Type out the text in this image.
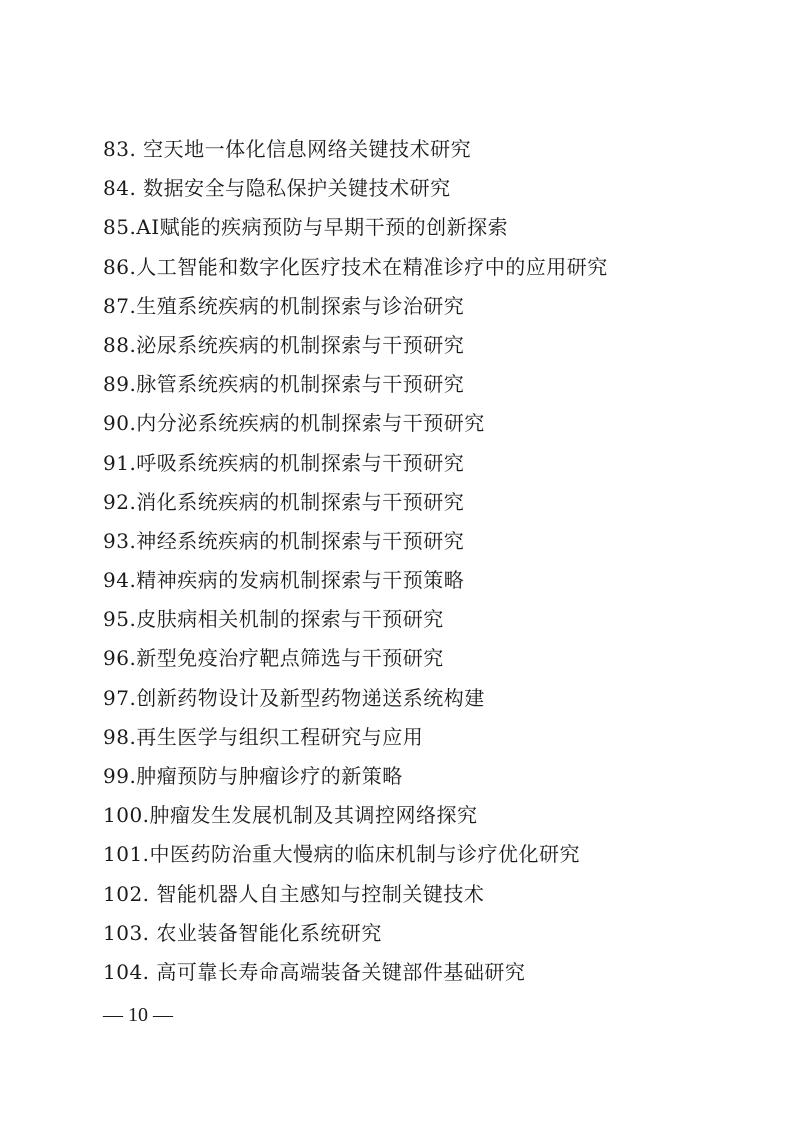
83. 空天地一体化信息网络关键技术研究
84. 数据安全与隐私保护关键技术研究
85.AI赋能的疾病预防与早期干预的创新探索
86.人工智能和数字化医疗技术在精准诊疗中的应用研究
87.生殖系统疾病的机制探索与诊治研究
88.泌尿系统疾病的机制探索与干预研究
89.脉管系统疾病的机制探索与干预研究
90.内分泌系统疾病的机制探索与干预研究
91.呼吸系统疾病的机制探索与干预研究
92.消化系统疾病的机制探索与干预研究
93.神经系统疾病的机制探索与干预研究
94.精神疾病的发病机制探索与干预策略
95.皮肤病相关机制的探索与干预研究
96.新型免疫治疗靶点筛选与干预研究
97.创新药物设计及新型药物递送系统构建
98.再生医学与组织工程研究与应用
99.肿瘤预防与肿瘤诊疗的新策略
100.肿瘤发生发展机制及其调控网络探究
101.中医药防治重大慢病的临床机制与诊疗优化研究
102. 智能机器人自主感知与控制关键技术
103. 农业装备智能化系统研究
104. 高可靠长寿命高端装备关键部件基础研究
— 10 —
